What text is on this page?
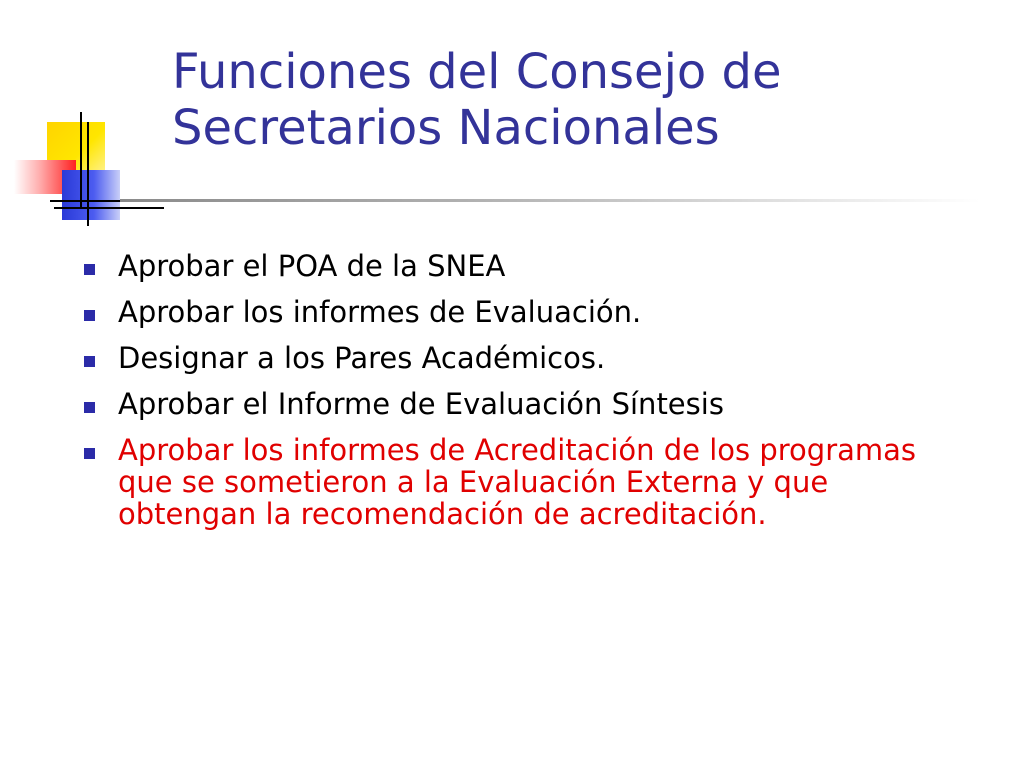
Funciones del Consejo de
Secretarios Nacionales
Aprobar el POA de la SNEA
Aprobar los informes de Evaluación.
Designar a los Pares Académicos.
Aprobar el Informe de Evaluación Síntesis
Aprobar los informes de Acreditación de los programas que se sometieron a la Evaluación Externa y que obtengan la recomendación de acreditación.
